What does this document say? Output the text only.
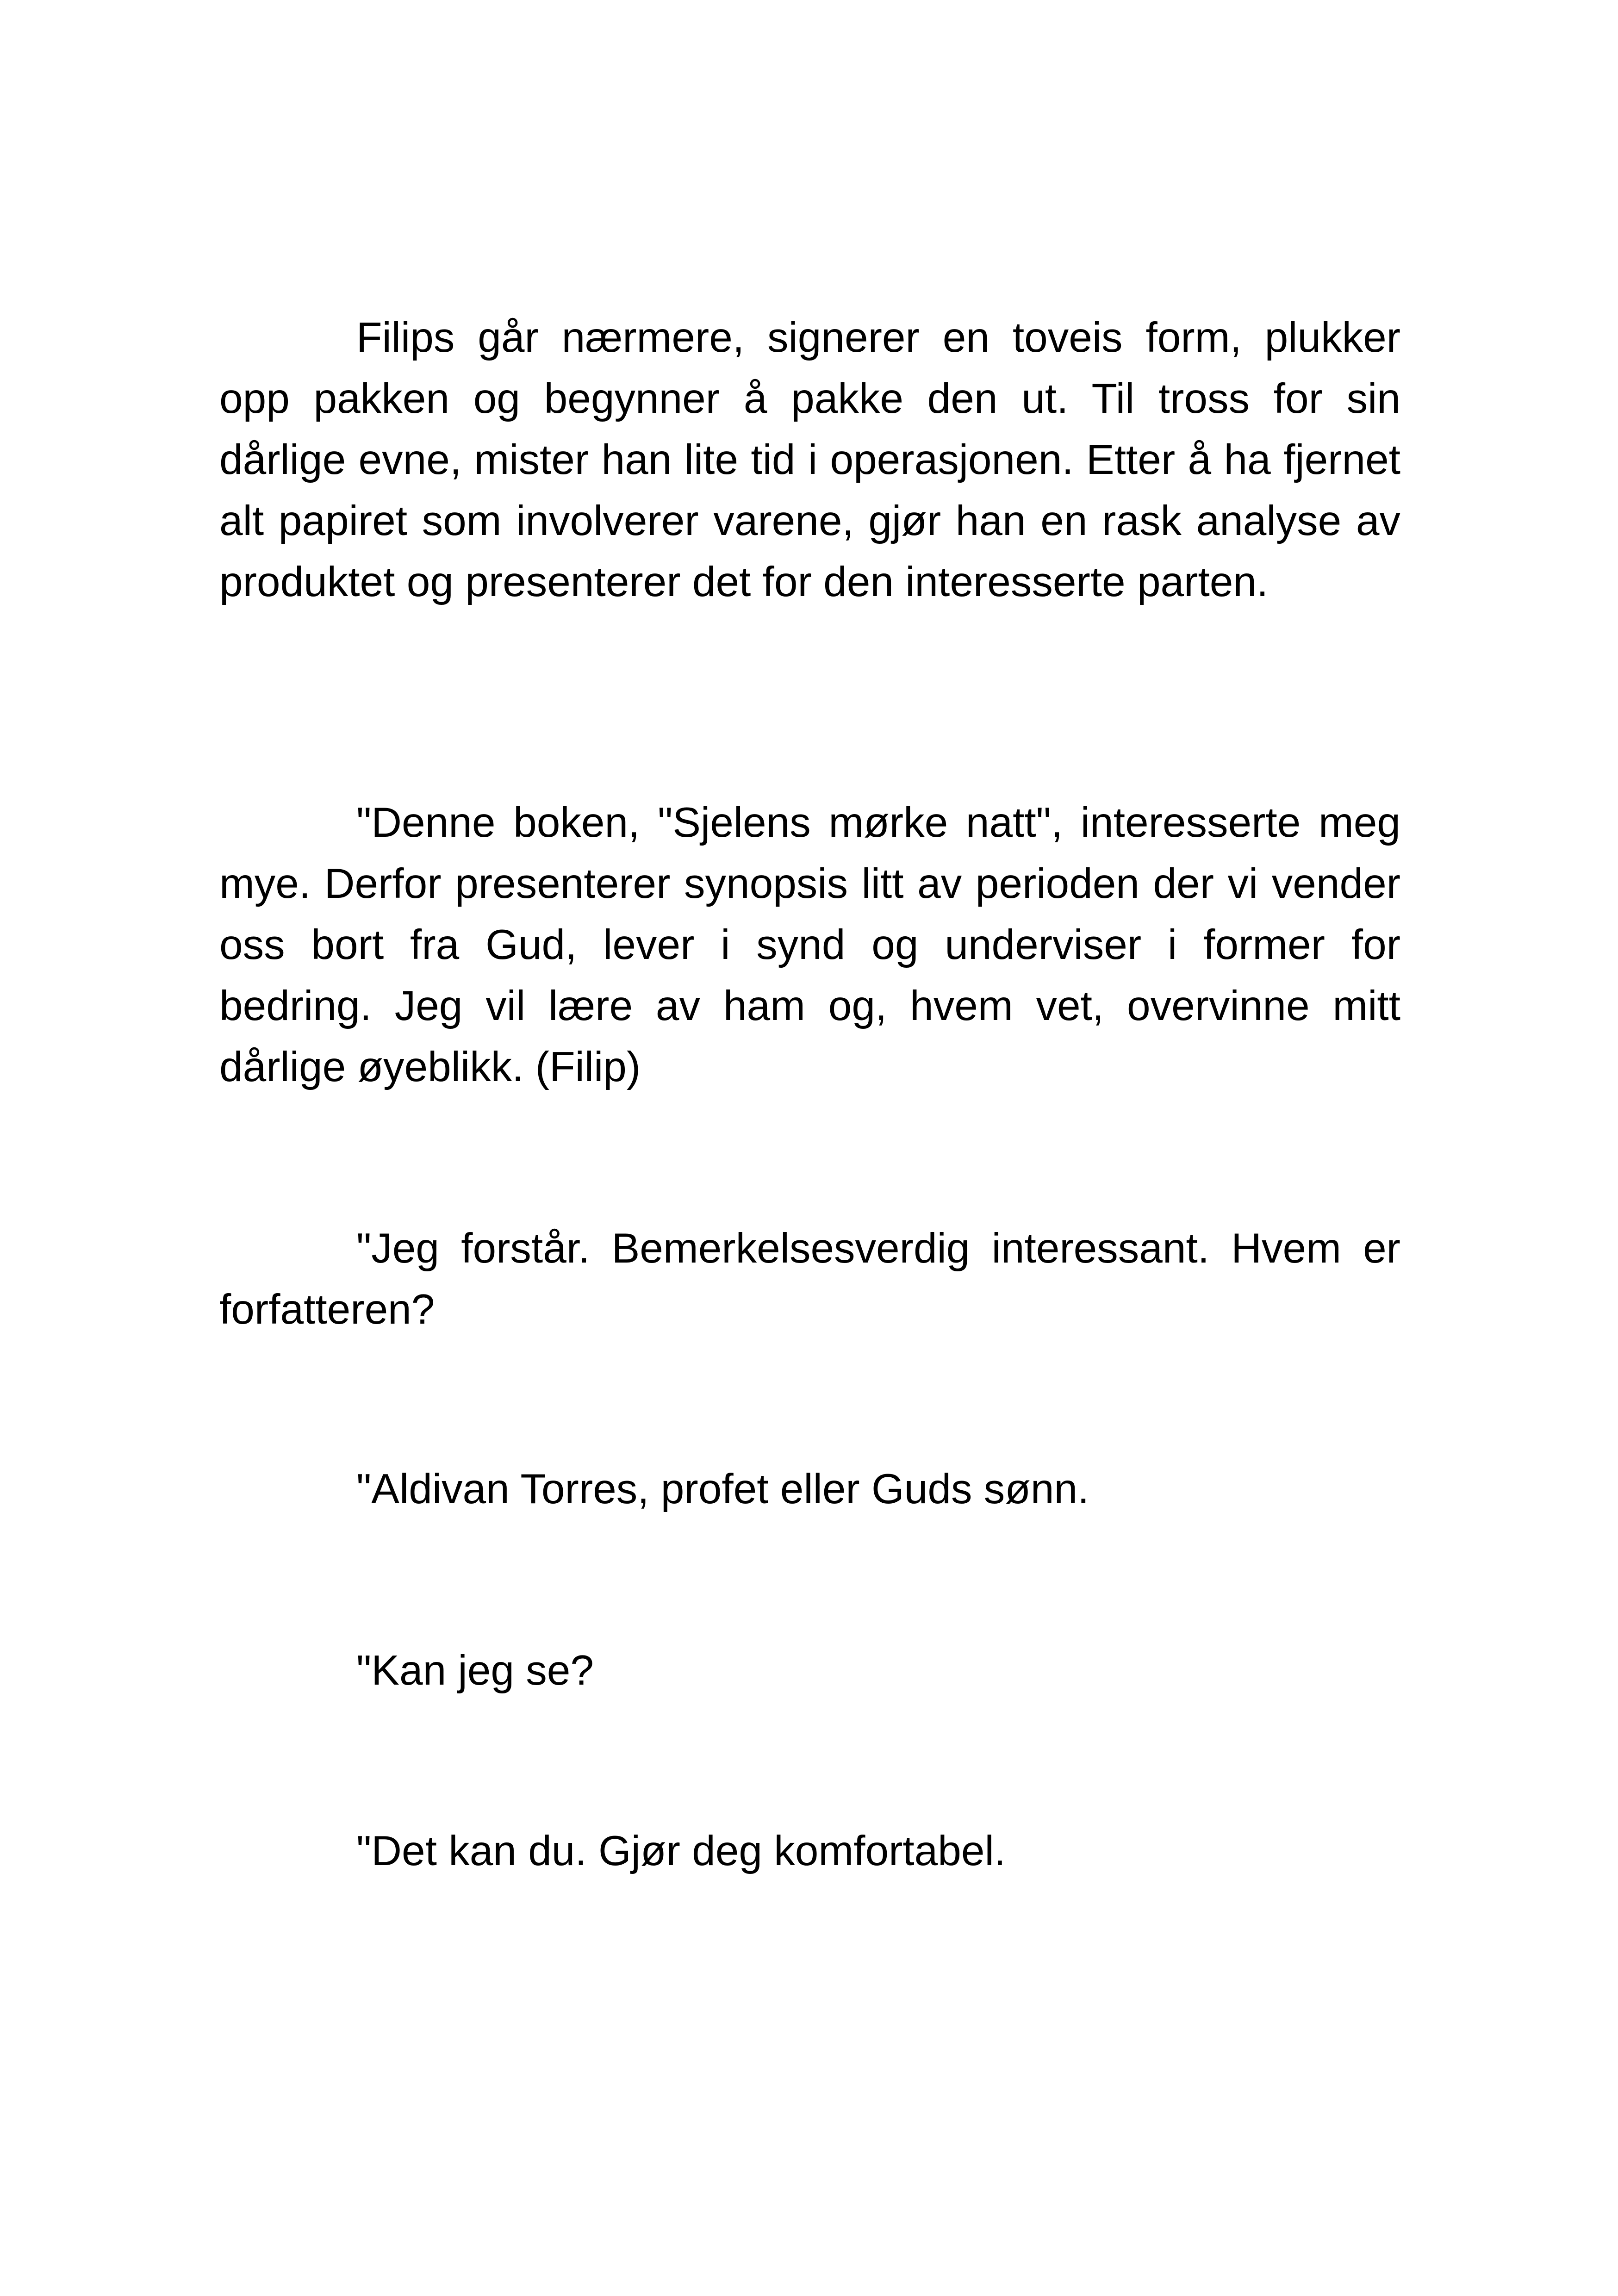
Filips går nærmere, signerer en toveis form, plukker opp pakken og begynner å pakke den ut. Til tross for sin dårlige evne, mister han lite tid i operasjonen. Etter å ha fjernet alt papiret som involverer varene, gjør han en rask analyse av produktet og presenterer det for den interesserte parten.

"Denne boken, "Sjelens mørke natt", interesserte meg mye. Derfor presenterer synopsis litt av perioden der vi vender oss bort fra Gud, lever i synd og underviser i former for bedring. Jeg vil lære av ham og, hvem vet, overvinne mitt dårlige øyeblikk. (Filip)

"Jeg forstår. Bemerkelsesverdig interessant. Hvem er forfatteren?

"Aldivan Torres, profet eller Guds sønn.

"Kan jeg se?

"Det kan du. Gjør deg komfortabel.
